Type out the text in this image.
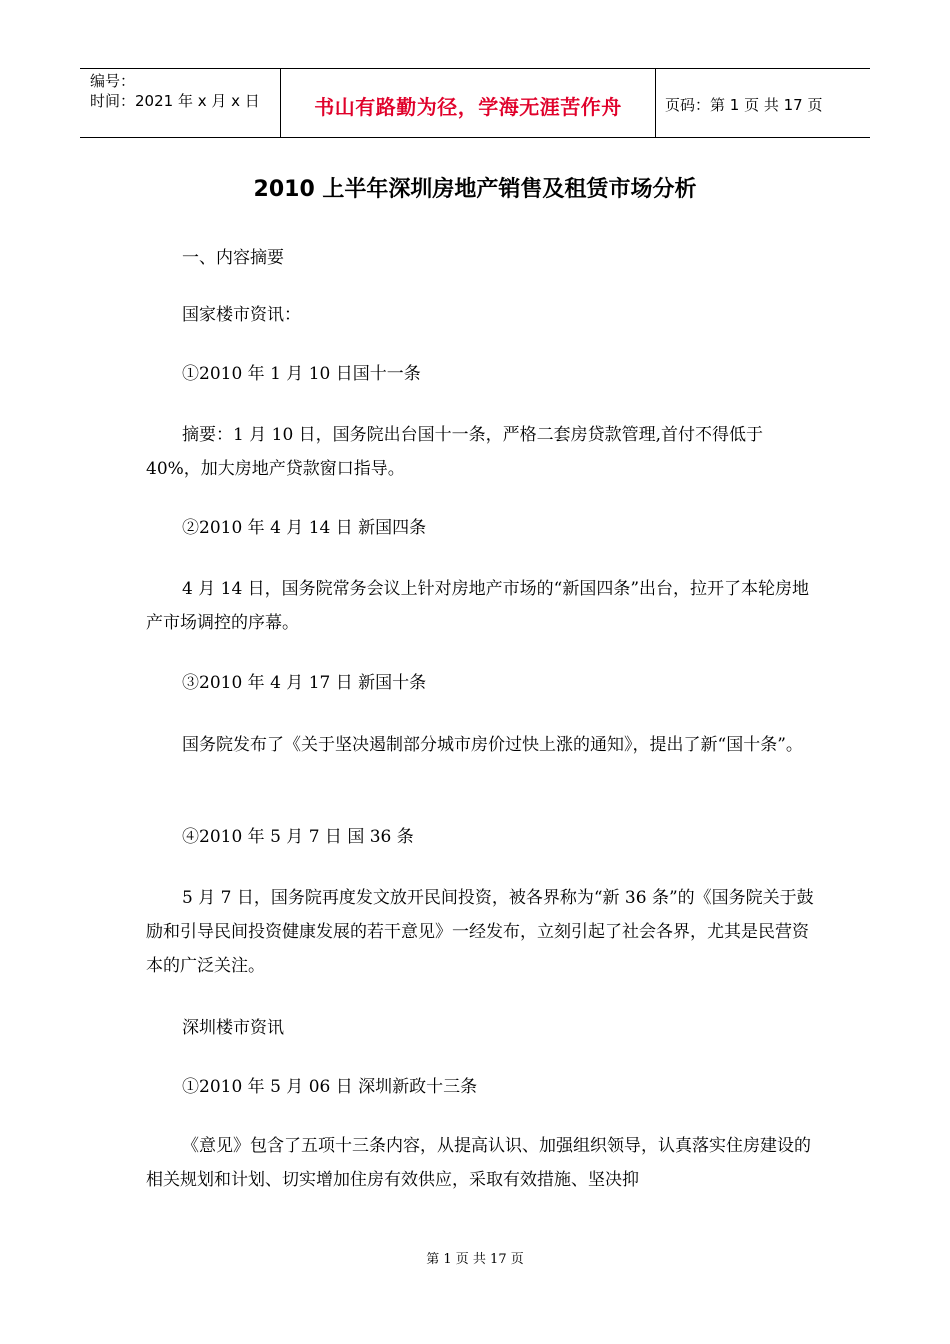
编号：
时间：2021 年 x 月 x 日	书山有路勤为径，学海无涯苦作舟	页码：第 1 页 共 17 页
2010 上半年深圳房地产销售及租赁市场分析

一、内容摘要

国家楼市资讯：

①2010 年 1 月 10 日国十一条

摘要：1 月 10 日，国务院出台国十一条，严格二套房贷款管理,首付不得低于 40%，加大房地产贷款窗口指导。

②2010 年 4 月 14 日 新国四条

4 月 14 日，国务院常务会议上针对房地产市场的“新国四条”出台，拉开了本轮房地产市场调控的序幕。

③2010 年 4 月 17 日 新国十条

国务院发布了《关于坚决遏制部分城市房价过快上涨的通知》，提出了新“国十条”。

④2010 年 5 月 7 日 国 36 条

5 月 7 日，国务院再度发文放开民间投资，被各界称为“新 36 条”的《国务院关于鼓励和引导民间投资健康发展的若干意见》一经发布，立刻引起了社会各界，尤其是民营资本的广泛关注。

深圳楼市资讯

①2010 年 5 月 06 日 深圳新政十三条

《意见》包含了五项十三条内容，从提高认识、加强组织领导，认真落实住房建设的相关规划和计划、切实增加住房有效供应，采取有效措施、坚决抑

第 1 页 共 17 页
